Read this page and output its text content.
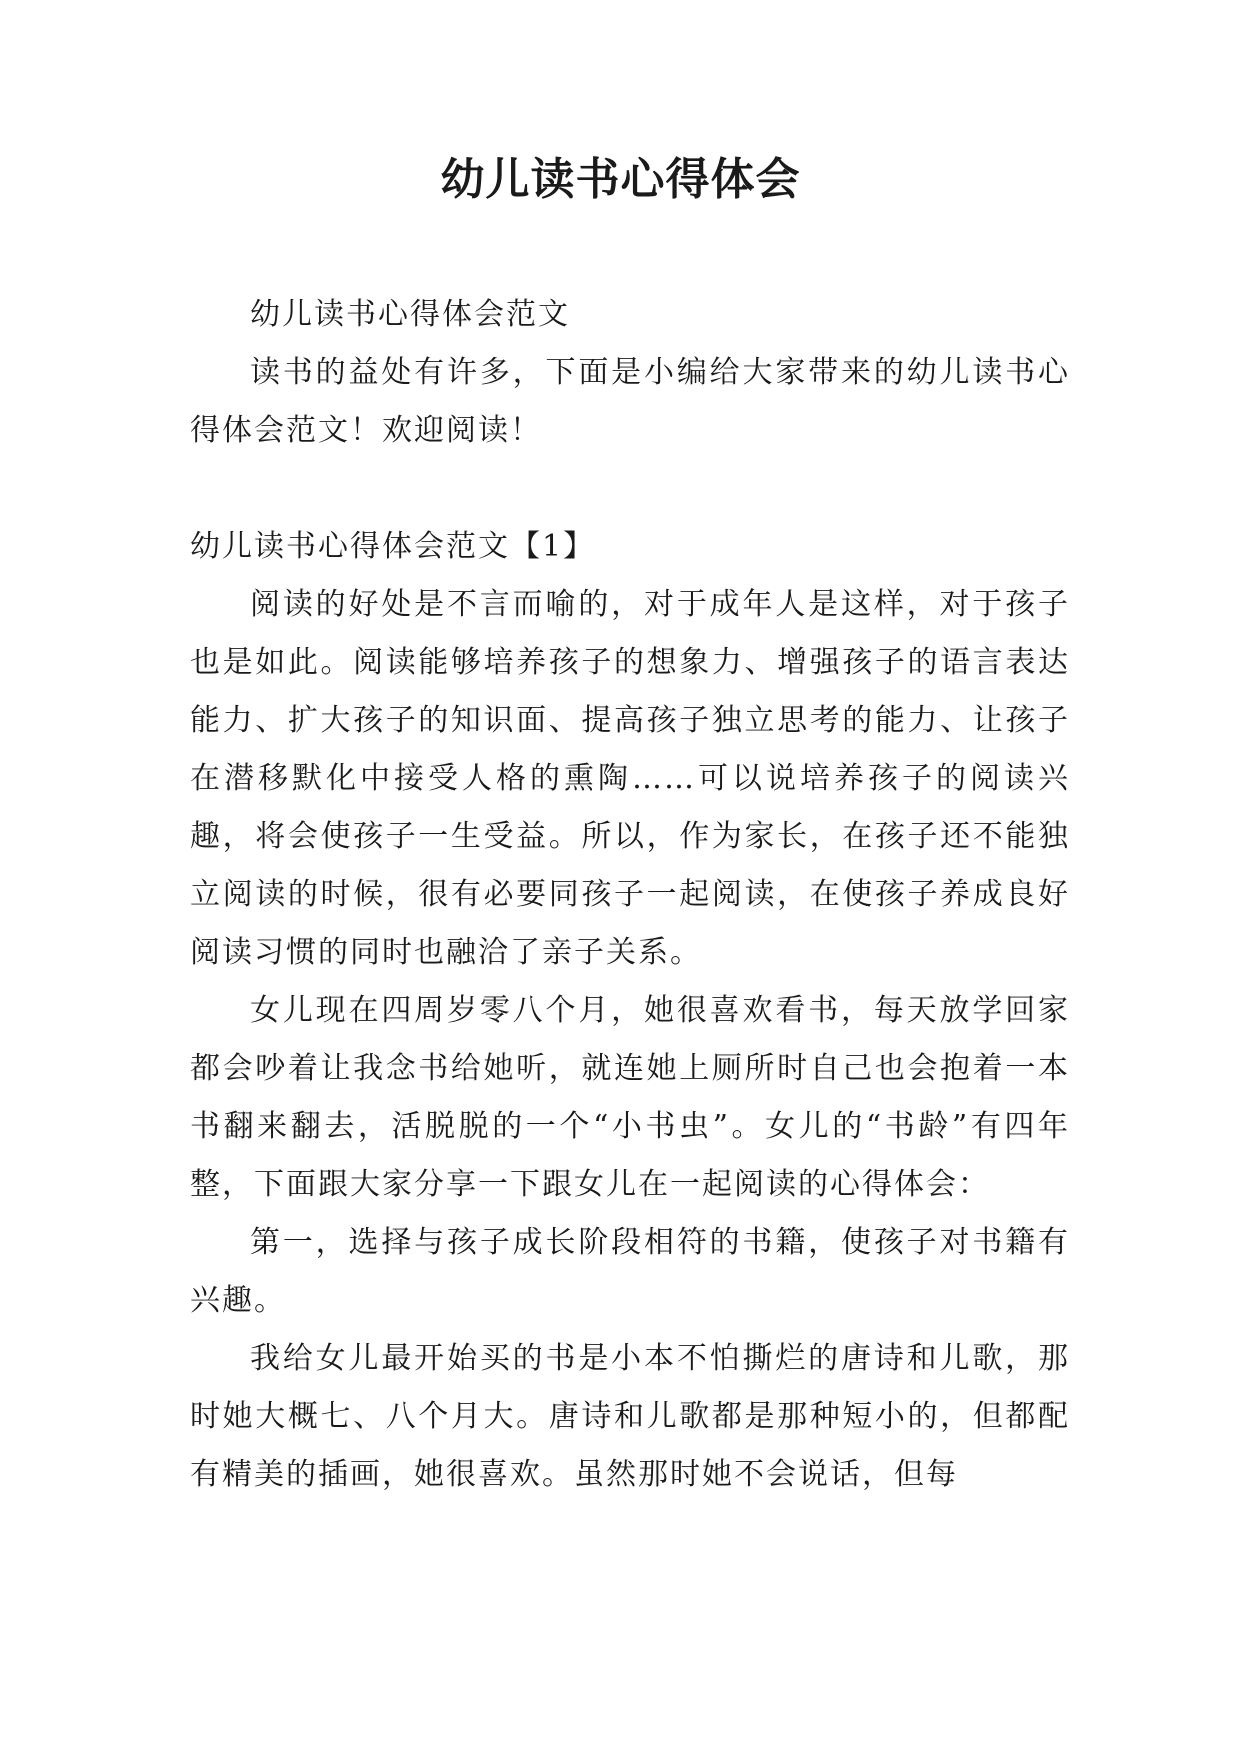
幼儿读书心得体会

幼儿读书心得体会范文

读书的益处有许多，下面是小编给大家带来的幼儿读书心得体会范文！欢迎阅读！

幼儿读书心得体会范文【1】

阅读的好处是不言而喻的，对于成年人是这样，对于孩子也是如此。阅读能够培养孩子的想象力、增强孩子的语言表达能力、扩大孩子的知识面、提高孩子独立思考的能力、让孩子在潜移默化中接受人格的熏陶……可以说培养孩子的阅读兴趣，将会使孩子一生受益。所以，作为家长，在孩子还不能独立阅读的时候，很有必要同孩子一起阅读，在使孩子养成良好阅读习惯的同时也融洽了亲子关系。

女儿现在四周岁零八个月，她很喜欢看书，每天放学回家都会吵着让我念书给她听，就连她上厕所时自己也会抱着一本书翻来翻去，活脱脱的一个“小书虫”。女儿的“书龄”有四年整，下面跟大家分享一下跟女儿在一起阅读的心得体会：

第一，选择与孩子成长阶段相符的书籍，使孩子对书籍有兴趣。

我给女儿最开始买的书是小本不怕撕烂的唐诗和儿歌，那时她大概七、八个月大。唐诗和儿歌都是那种短小的，但都配有精美的插画，她很喜欢。虽然那时她不会说话，但每
